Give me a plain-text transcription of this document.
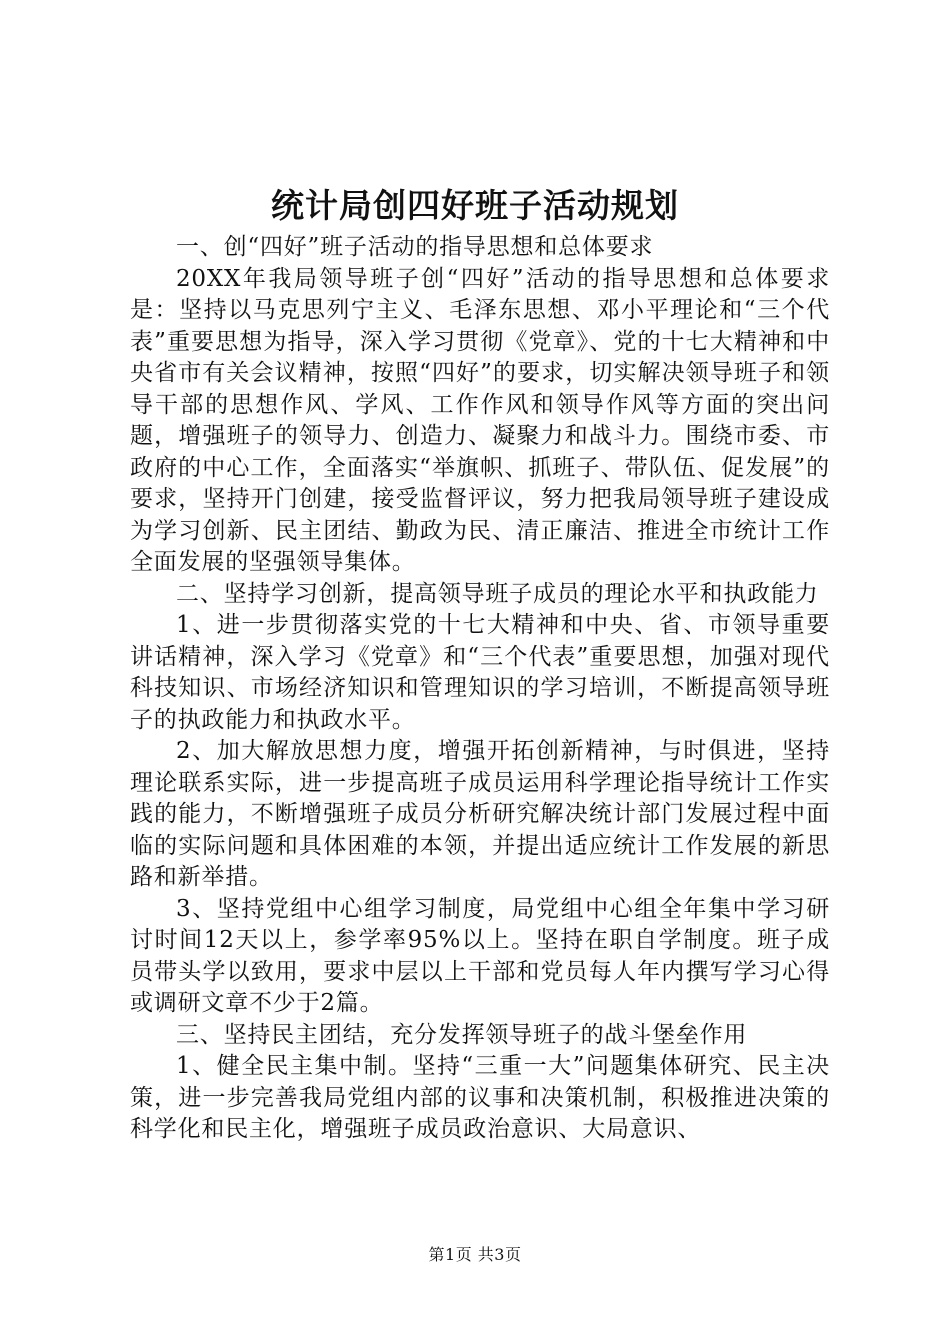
统计局创四好班子活动规划

一、创“四好”班子活动的指导思想和总体要求

20XX年我局领导班子创“四好”活动的指导思想和总体要求是：坚持以马克思列宁主义、毛泽东思想、邓小平理论和“三个代表”重要思想为指导，深入学习贯彻《党章》、党的十七大精神和中央省市有关会议精神，按照“四好”的要求，切实解决领导班子和领导干部的思想作风、学风、工作作风和领导作风等方面的突出问题，增强班子的领导力、创造力、凝聚力和战斗力。围绕市委、市政府的中心工作，全面落实“举旗帜、抓班子、带队伍、促发展”的要求，坚持开门创建，接受监督评议，努力把我局领导班子建设成为学习创新、民主团结、勤政为民、清正廉洁、推进全市统计工作全面发展的坚强领导集体。

二、坚持学习创新，提高领导班子成员的理论水平和执政能力

1、进一步贯彻落实党的十七大精神和中央、省、市领导重要讲话精神，深入学习《党章》和“三个代表”重要思想，加强对现代科技知识、市场经济知识和管理知识的学习培训，不断提高领导班子的执政能力和执政水平。

2、加大解放思想力度，增强开拓创新精神，与时俱进，坚持理论联系实际，进一步提高班子成员运用科学理论指导统计工作实践的能力，不断增强班子成员分析研究解决统计部门发展过程中面临的实际问题和具体困难的本领，并提出适应统计工作发展的新思路和新举措。

3、坚持党组中心组学习制度，局党组中心组全年集中学习研讨时间12天以上，参学率95%以上。坚持在职自学制度。班子成员带头学以致用，要求中层以上干部和党员每人年内撰写学习心得或调研文章不少于2篇。

三、坚持民主团结，充分发挥领导班子的战斗堡垒作用

1、健全民主集中制。坚持“三重一大”问题集体研究、民主决策，进一步完善我局党组内部的议事和决策机制，积极推进决策的科学化和民主化，增强班子成员政治意识、大局意识、

第1页 共3页
